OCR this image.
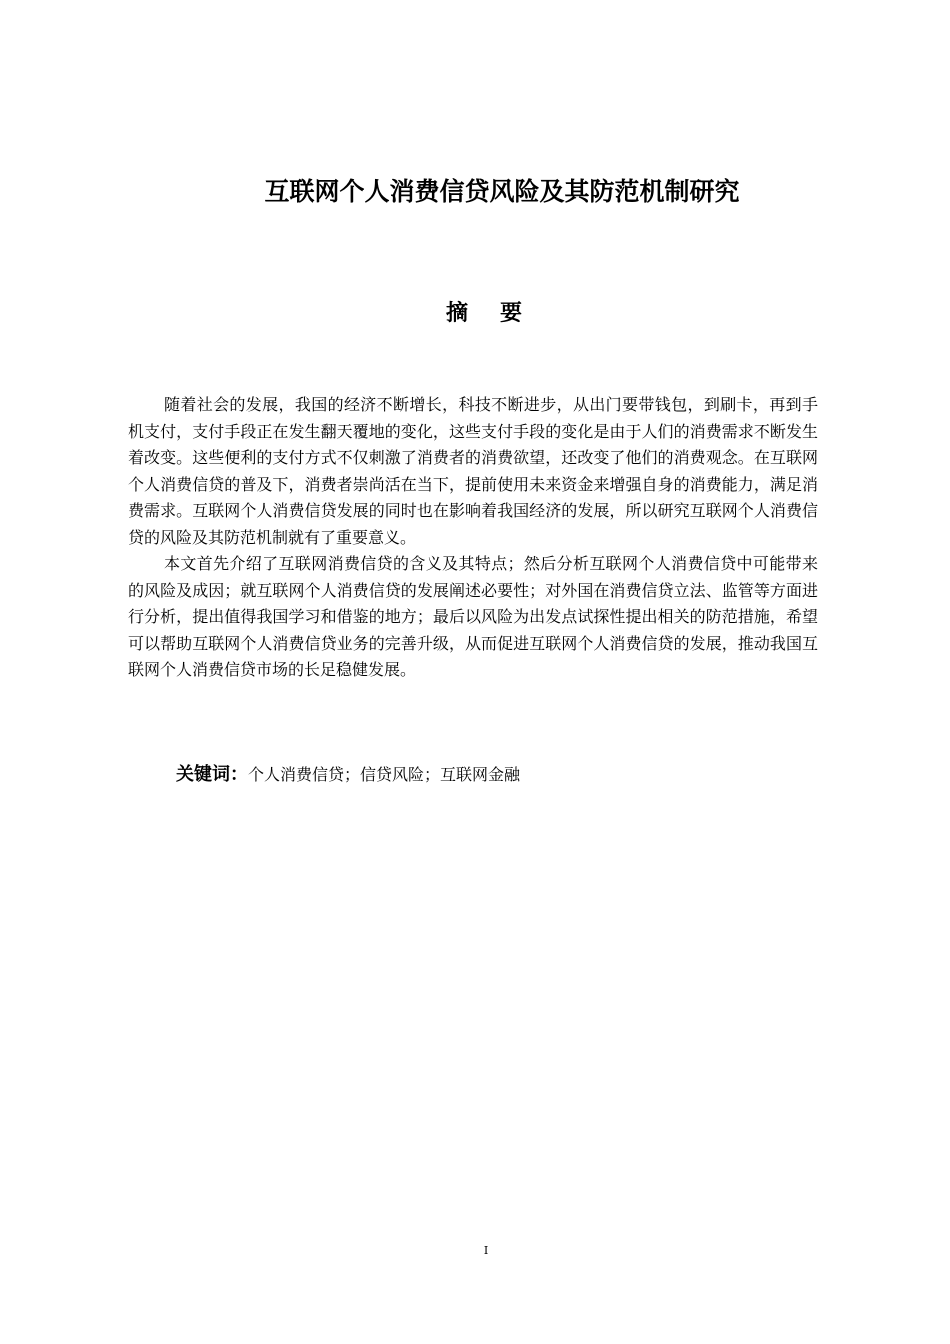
互联网个人消费信贷风险及其防范机制研究
摘要

随着社会的发展，我国的经济不断增长，科技不断进步，从出门要带钱包，到刷卡，再到手机支付，支付手段正在发生翻天覆地的变化，这些支付手段的变化是由于人们的消费需求不断发生着改变。这些便利的支付方式不仅刺激了消费者的消费欲望，还改变了他们的消费观念。在互联网个人消费信贷的普及下，消费者崇尚活在当下，提前使用未来资金来增强自身的消费能力，满足消费需求。互联网个人消费信贷发展的同时也在影响着我国经济的发展，所以研究互联网个人消费信贷的风险及其防范机制就有了重要意义。

本文首先介绍了互联网消费信贷的含义及其特点；然后分析互联网个人消费信贷中可能带来的风险及成因；就互联网个人消费信贷的发展阐述必要性；对外国在消费信贷立法、监管等方面进行分析，提出值得我国学习和借鉴的地方；最后以风险为出发点试探性提出相关的防范措施，希望可以帮助互联网个人消费信贷业务的完善升级，从而促进互联网个人消费信贷的发展，推动我国互联网个人消费信贷市场的长足稳健发展。

关键词：个人消费信贷；信贷风险；互联网金融
I
